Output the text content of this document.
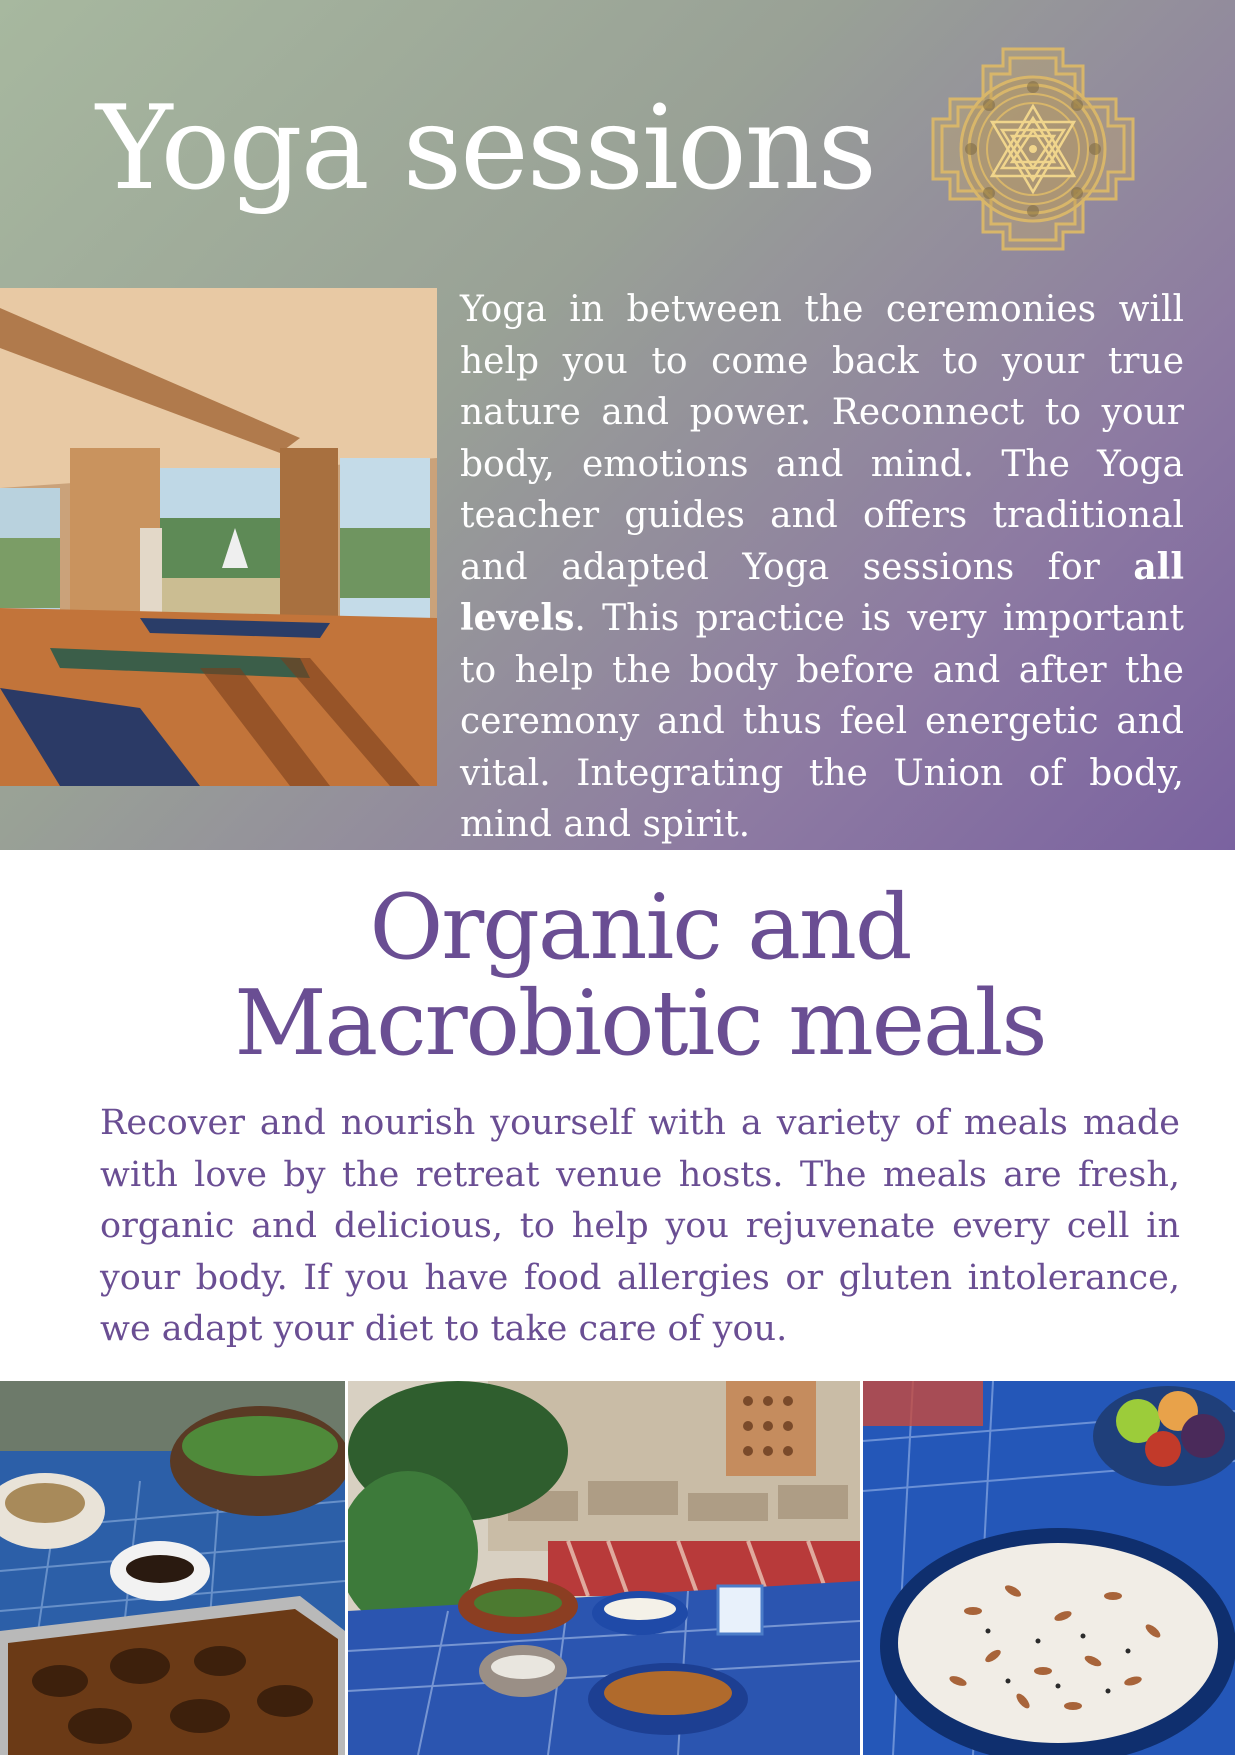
Yoga sessions

Yoga in between the ceremonies will help you to come back to your true nature and power. Reconnect to your body, emotions and mind. The Yoga teacher guides and offers traditional and adapted Yoga sessions for all levels. This practice is very important to help the body before and after the ceremony and thus feel energetic and vital. Integrating the Union of body, mind and spirit.

Organic and
Macrobiotic meals

Recover and nourish yourself with a variety of meals made with love by the retreat venue hosts. The meals are fresh, organic and delicious, to help you rejuvenate every cell in your body. If you have food allergies or gluten intolerance, we adapt your diet to take care of you.
